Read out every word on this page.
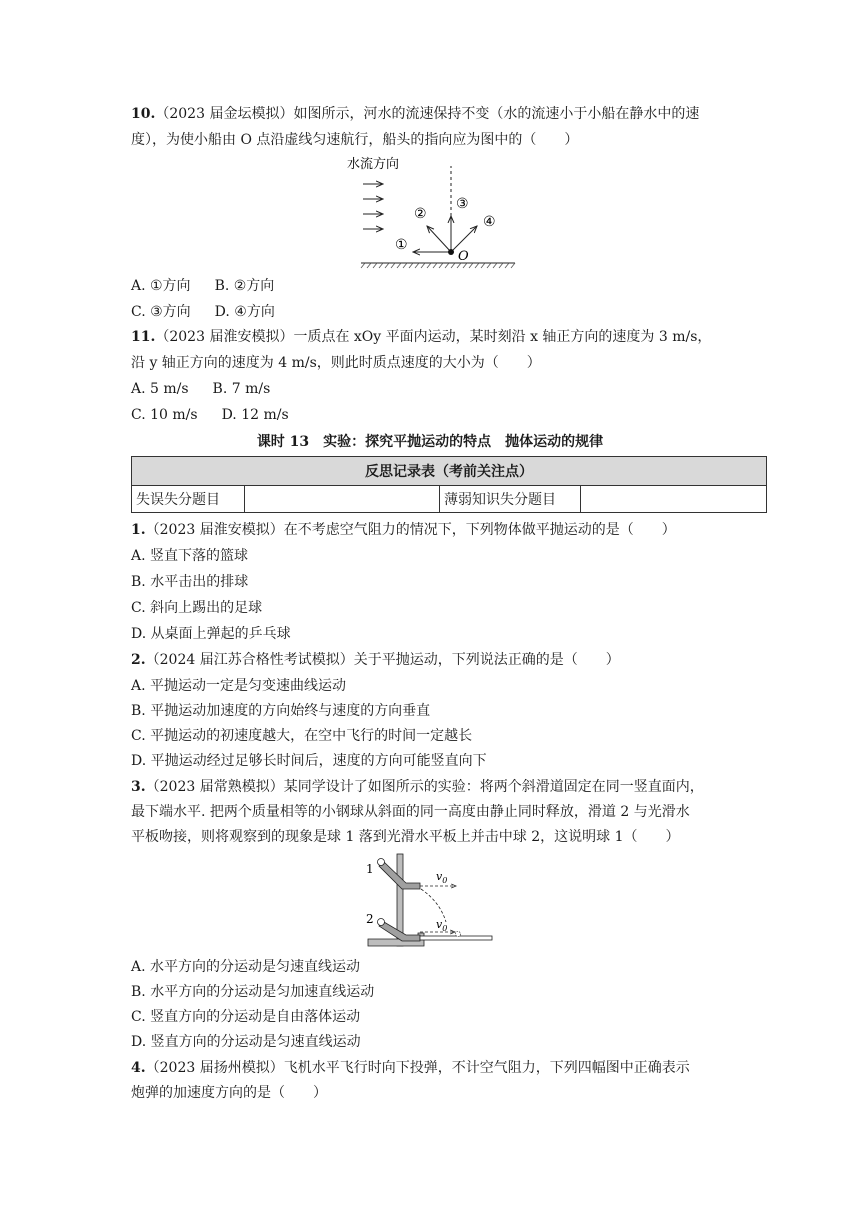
10.（2023 届金坛模拟）如图所示，河水的流速保持不变（水的流速小于小船在静水中的速
度），为使小船由 O 点沿虚线匀速航行，船头的指向应为图中的（　　）
水流方向
①
②
③
④
O
A. ①方向 B. ②方向
C. ③方向 D. ④方向
11.（2023 届淮安模拟）一质点在 xOy 平面内运动，某时刻沿 x 轴正方向的速度为 3 m/s，
沿 y 轴正方向的速度为 4 m/s，则此时质点速度的大小为（　　）
A. 5 m/s B. 7 m/s
C. 10 m/s D. 12 m/s
课时 13　实验：探究平抛运动的特点　抛体运动的规律
反思记录表（考前关注点）
失误失分题目		薄弱知识失分题目	
1.（2023 届淮安模拟）在不考虑空气阻力的情况下，下列物体做平抛运动的是（　　）
A. 竖直下落的篮球
B. 水平击出的排球
C. 斜向上踢出的足球
D. 从桌面上弹起的乒乓球
2.（2024 届江苏合格性考试模拟）关于平抛运动，下列说法正确的是（　　）
A. 平抛运动一定是匀变速曲线运动
B. 平抛运动加速度的方向始终与速度的方向垂直
C. 平抛运动的初速度越大，在空中飞行的时间一定越长
D. 平抛运动经过足够长时间后，速度的方向可能竖直向下
3.（2023 届常熟模拟）某同学设计了如图所示的实验：将两个斜滑道固定在同一竖直面内，
最下端水平. 把两个质量相等的小钢球从斜面的同一高度由静止同时释放，滑道 2 与光滑水
平板吻接，则将观察到的现象是球 1 落到光滑水平板上并击中球 2，这说明球 1（　　）
1
$v_0$
2	$v_0$
A. 水平方向的分运动是匀速直线运动
B. 水平方向的分运动是匀加速直线运动
C. 竖直方向的分运动是自由落体运动
D. 竖直方向的分运动是匀速直线运动
4.（2023 届扬州模拟）飞机水平飞行时向下投弹，不计空气阻力，下列四幅图中正确表示
炮弹的加速度方向的是（　　）
